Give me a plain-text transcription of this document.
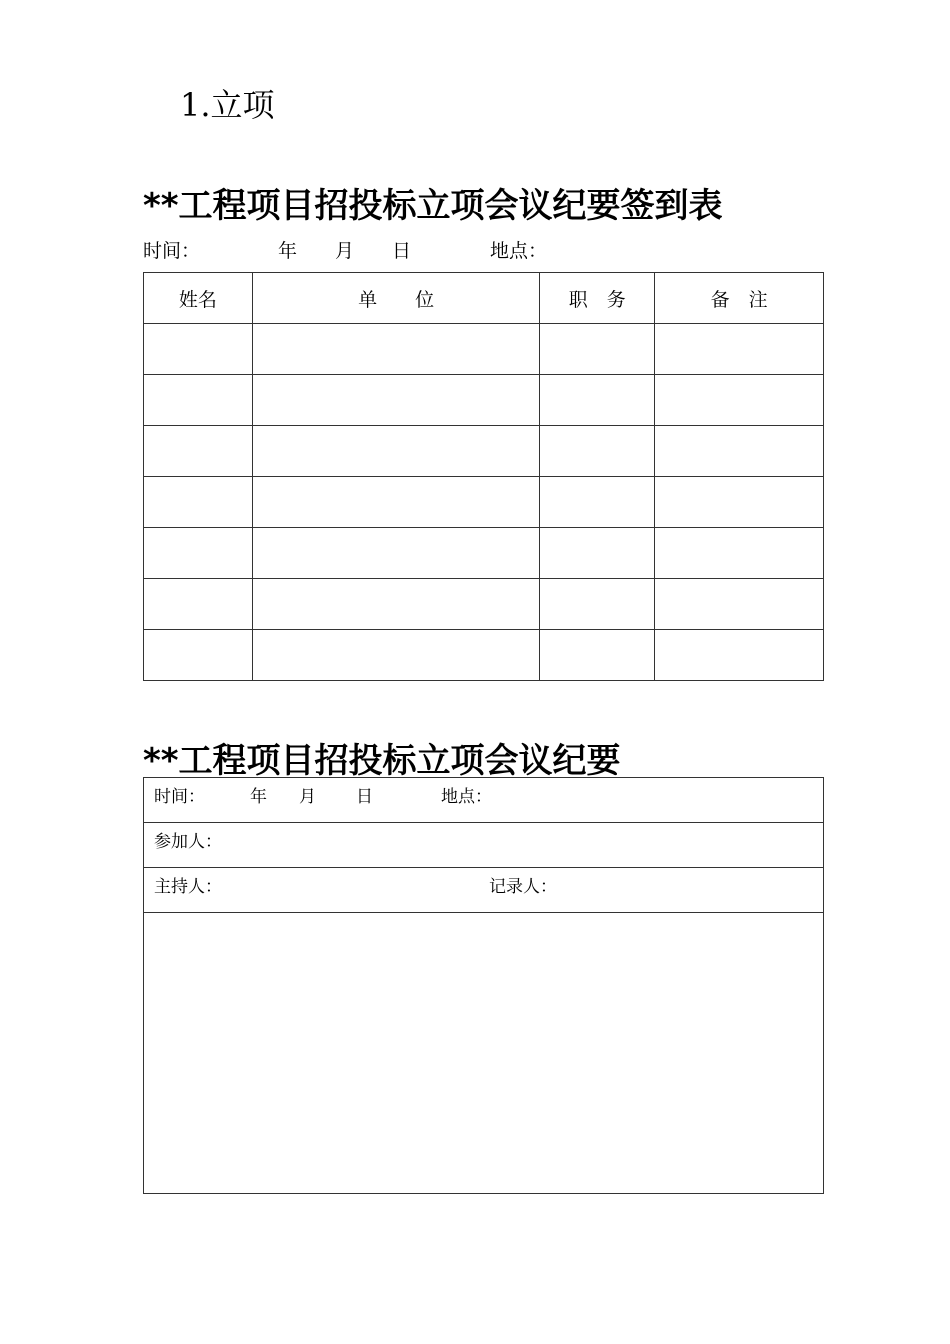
1.立项
**工程项目招投标立项会议纪要签到表
时间：	年 月 日	地点：
姓名	单　　位	职　务	备　注

**工程项目招投标立项会议纪要
时间：	年 月 日	地点：

参加人：

主持人：	记录人：
